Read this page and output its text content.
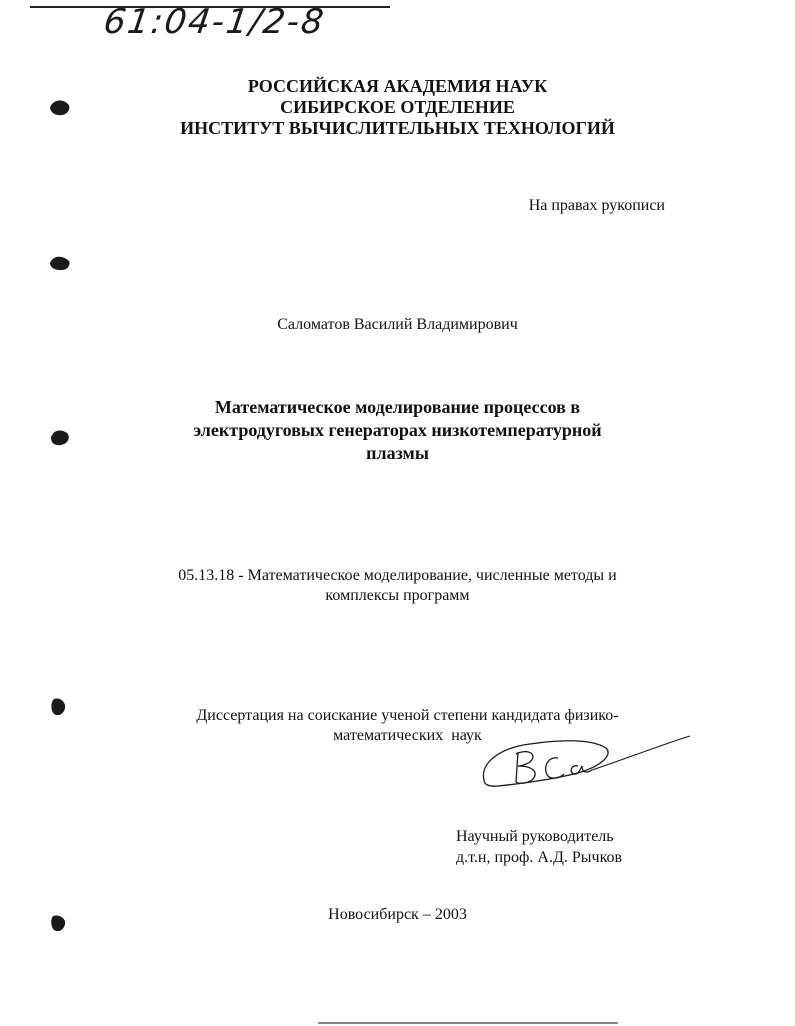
61:04-1/2-8
РОССИЙСКАЯ АКАДЕМИЯ НАУК
СИБИРСКОЕ ОТДЕЛЕНИЕ
ИНСТИТУТ ВЫЧИСЛИТЕЛЬНЫХ ТЕХНОЛОГИЙ
На правах рукописи
Саломатов Василий Владимирович
Математическое моделирование процессов в
электродуговых генераторах низкотемпературной
плазмы
05.13.18 - Математическое моделирование, численные методы и
комплексы программ
Диссертация на соискание ученой степени кандидата физико-
математических  наук
Научный руководитель
д.т.н, проф. А.Д. Рычков
Новосибирск – 2003
